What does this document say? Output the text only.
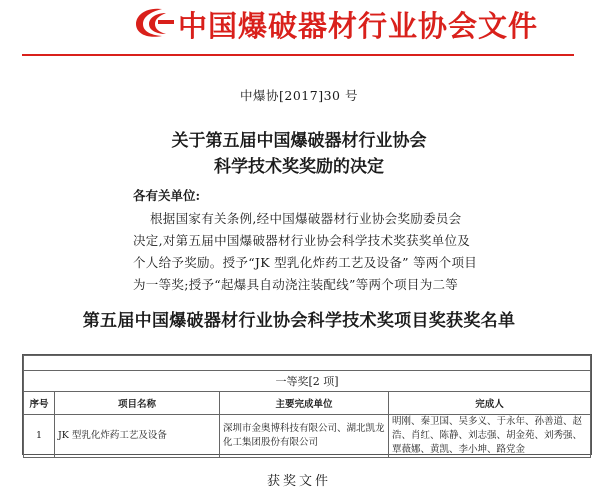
中国爆破器材行业协会文件
中爆协[2017]30 号
关于第五届中国爆破器材行业协会
科学技术奖奖励的决定
各有关单位:
根据国家有关条例,经中国爆破器材行业协会奖励委员会
决定,对第五届中国爆破器材行业协会科学技术奖获奖单位及
个人给予奖励。授予“JK 型乳化炸药工艺及设备” 等两个项目
为一等奖;授予“起爆具自动浇注装配线”等两个项目为二等
第五届中国爆破器材行业协会科学技术奖项目奖获奖名单

一等奖[2 项]			
序号	项目名称	主要完成单位	完成人
1	JK 型乳化炸药工艺及设备	深圳市金奥博科技有限公司、湖北凯龙化工集团股份有限公司	明刚、秦卫国、吴多义、于永年、孙善道、赵浩、肖红、陈静、刘志强、胡金苑、刘秀强、覃薇娜、黄凯、李小坤、路党金
获奖文件
